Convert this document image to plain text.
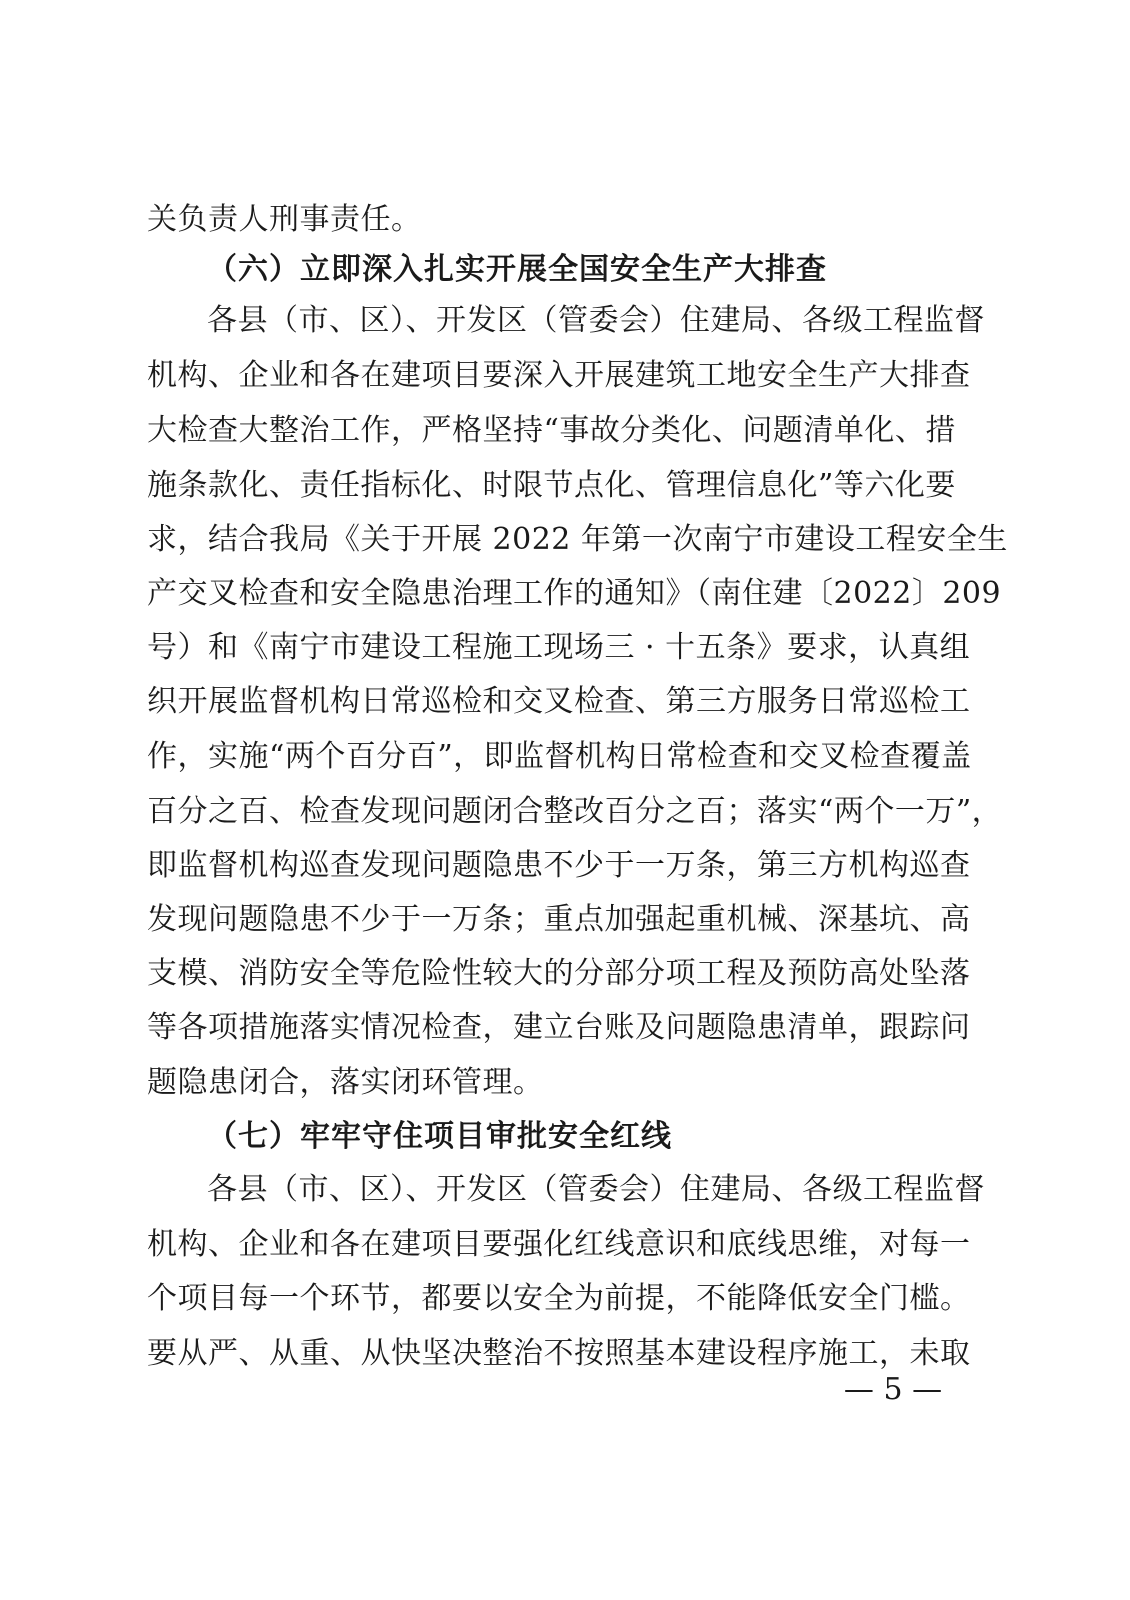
关负责人刑事责任。
（六）立即深入扎实开展全国安全生产大排查
各县（市、区）、开发区（管委会）住建局、各级工程监督
机构、企业和各在建项目要深入开展建筑工地安全生产大排查
大检查大整治工作，严格坚持“事故分类化、问题清单化、措
施条款化、责任指标化、时限节点化、管理信息化”等六化要
求，结合我局《关于开展 2022 年第一次南宁市建设工程安全生
产交叉检查和安全隐患治理工作的通知》（南住建〔2022〕209
号）和《南宁市建设工程施工现场三 · 十五条》要求，认真组
织开展监督机构日常巡检和交叉检查、第三方服务日常巡检工
作，实施“两个百分百”，即监督机构日常检查和交叉检查覆盖
百分之百、检查发现问题闭合整改百分之百；落实“两个一万”，
即监督机构巡查发现问题隐患不少于一万条，第三方机构巡查
发现问题隐患不少于一万条；重点加强起重机械、深基坑、高
支模、消防安全等危险性较大的分部分项工程及预防高处坠落
等各项措施落实情况检查，建立台账及问题隐患清单，跟踪问
题隐患闭合，落实闭环管理。
（七）牢牢守住项目审批安全红线
各县（市、区）、开发区（管委会）住建局、各级工程监督
机构、企业和各在建项目要强化红线意识和底线思维，对每一
个项目每一个环节，都要以安全为前提，不能降低安全门槛。
要从严、从重、从快坚决整治不按照基本建设程序施工，未取
— 5 —
